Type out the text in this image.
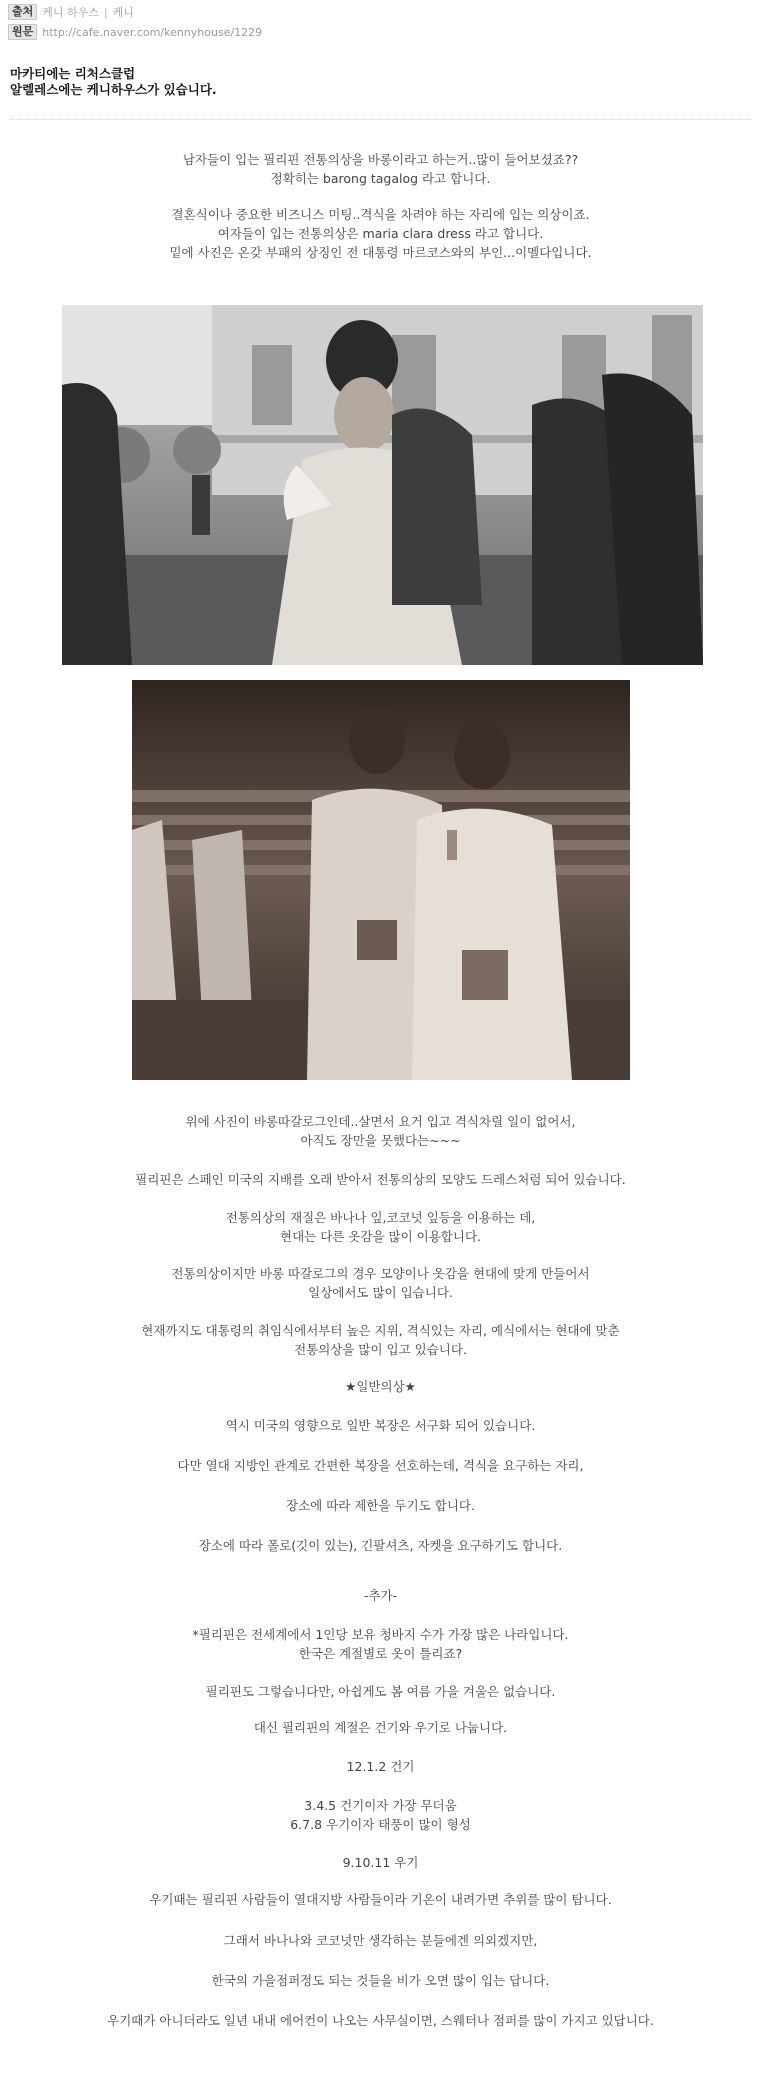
출처 케니 하우스 | 케니
원문 http://cafe.naver.com/kennyhouse/1229
마카티에는 리처스클럽
알렐레스에는 케니하우스가 있습니다.

남자들이 입는 필리핀 전통의상을 바롱이라고 하는거..많이 들어보셨죠??

정확히는 barong tagalog 라고 합니다.

결혼식이나 중요한 비즈니스 미팅..격식을 차려야 하는 자리에 입는 의상이죠.

여자들이 입는 전통의상은 maria clara dress 라고 합니다.

밑에 사진은 온갖 부패의 상징인 전 대통령 마르코스와의 부인...이멜다입니다.

위에 사진이 바롱따갈로그인데..살면서 요거 입고 격식차릴 일이 없어서,

아직도 장만을 못했다는~~~

필리핀은 스페인 미국의 지배를 오래 받아서 전통의상의 모양도 드레스처럼 되어 있습니다.

전통의상의 재질은 바나나 잎,코코넛 잎등을 이용하는 데,

현대는 다른 옷감을 많이 이용합니다.

전통의상이지만 바롱 따갈로그의 경우 모양이나 옷감을 현대에 맞게 만들어서

일상에서도 많이 입습니다.

현재까지도 대통령의 취임식에서부터 높은 지위, 격식있는 자리, 예식에서는 현대에 맞춘

전통의상을 많이 입고 있습니다.

★일반의상★

역시 미국의 영향으로 일반 복장은 서구화 되어 있습니다.

다만 열대 지방인 관계로 간편한 복장을 선호하는데, 격식을 요구하는 자리,

장소에 따라 제한을 두기도 합니다.

장소에 따라 폴로(깃이 있는), 긴팔셔츠, 자켓을 요구하기도 합니다.

-추가-

*필리핀은 전세계에서 1인당 보유 청바지 수가 가장 많은 나라입니다.

한국은 계절별로 옷이 틀리죠?

필리핀도 그렇습니다만, 아쉽게도 봄 여름 가을 겨울은 없습니다.

대신 필리핀의 계절은 건기와 우기로 나눕니다.

12.1.2 건기

3.4.5 건기이자 가장 무더움

6.7.8 우기이자 태풍이 많이 형성

9.10.11 우기

우기때는 필리핀 사람들이 열대지방 사람들이라 기온이 내려가면 추위를 많이 탑니다.

그래서 바나나와 코코넛만 생각하는 분들에겐 의외겠지만,

한국의 가을점퍼정도 되는 것들을 비가 오면 많이 입는 답니다.

우기때가 아니더라도 일년 내내 에어컨이 나오는 사무실이면, 스웨터나 점퍼를 많이 가지고 있답니다.
